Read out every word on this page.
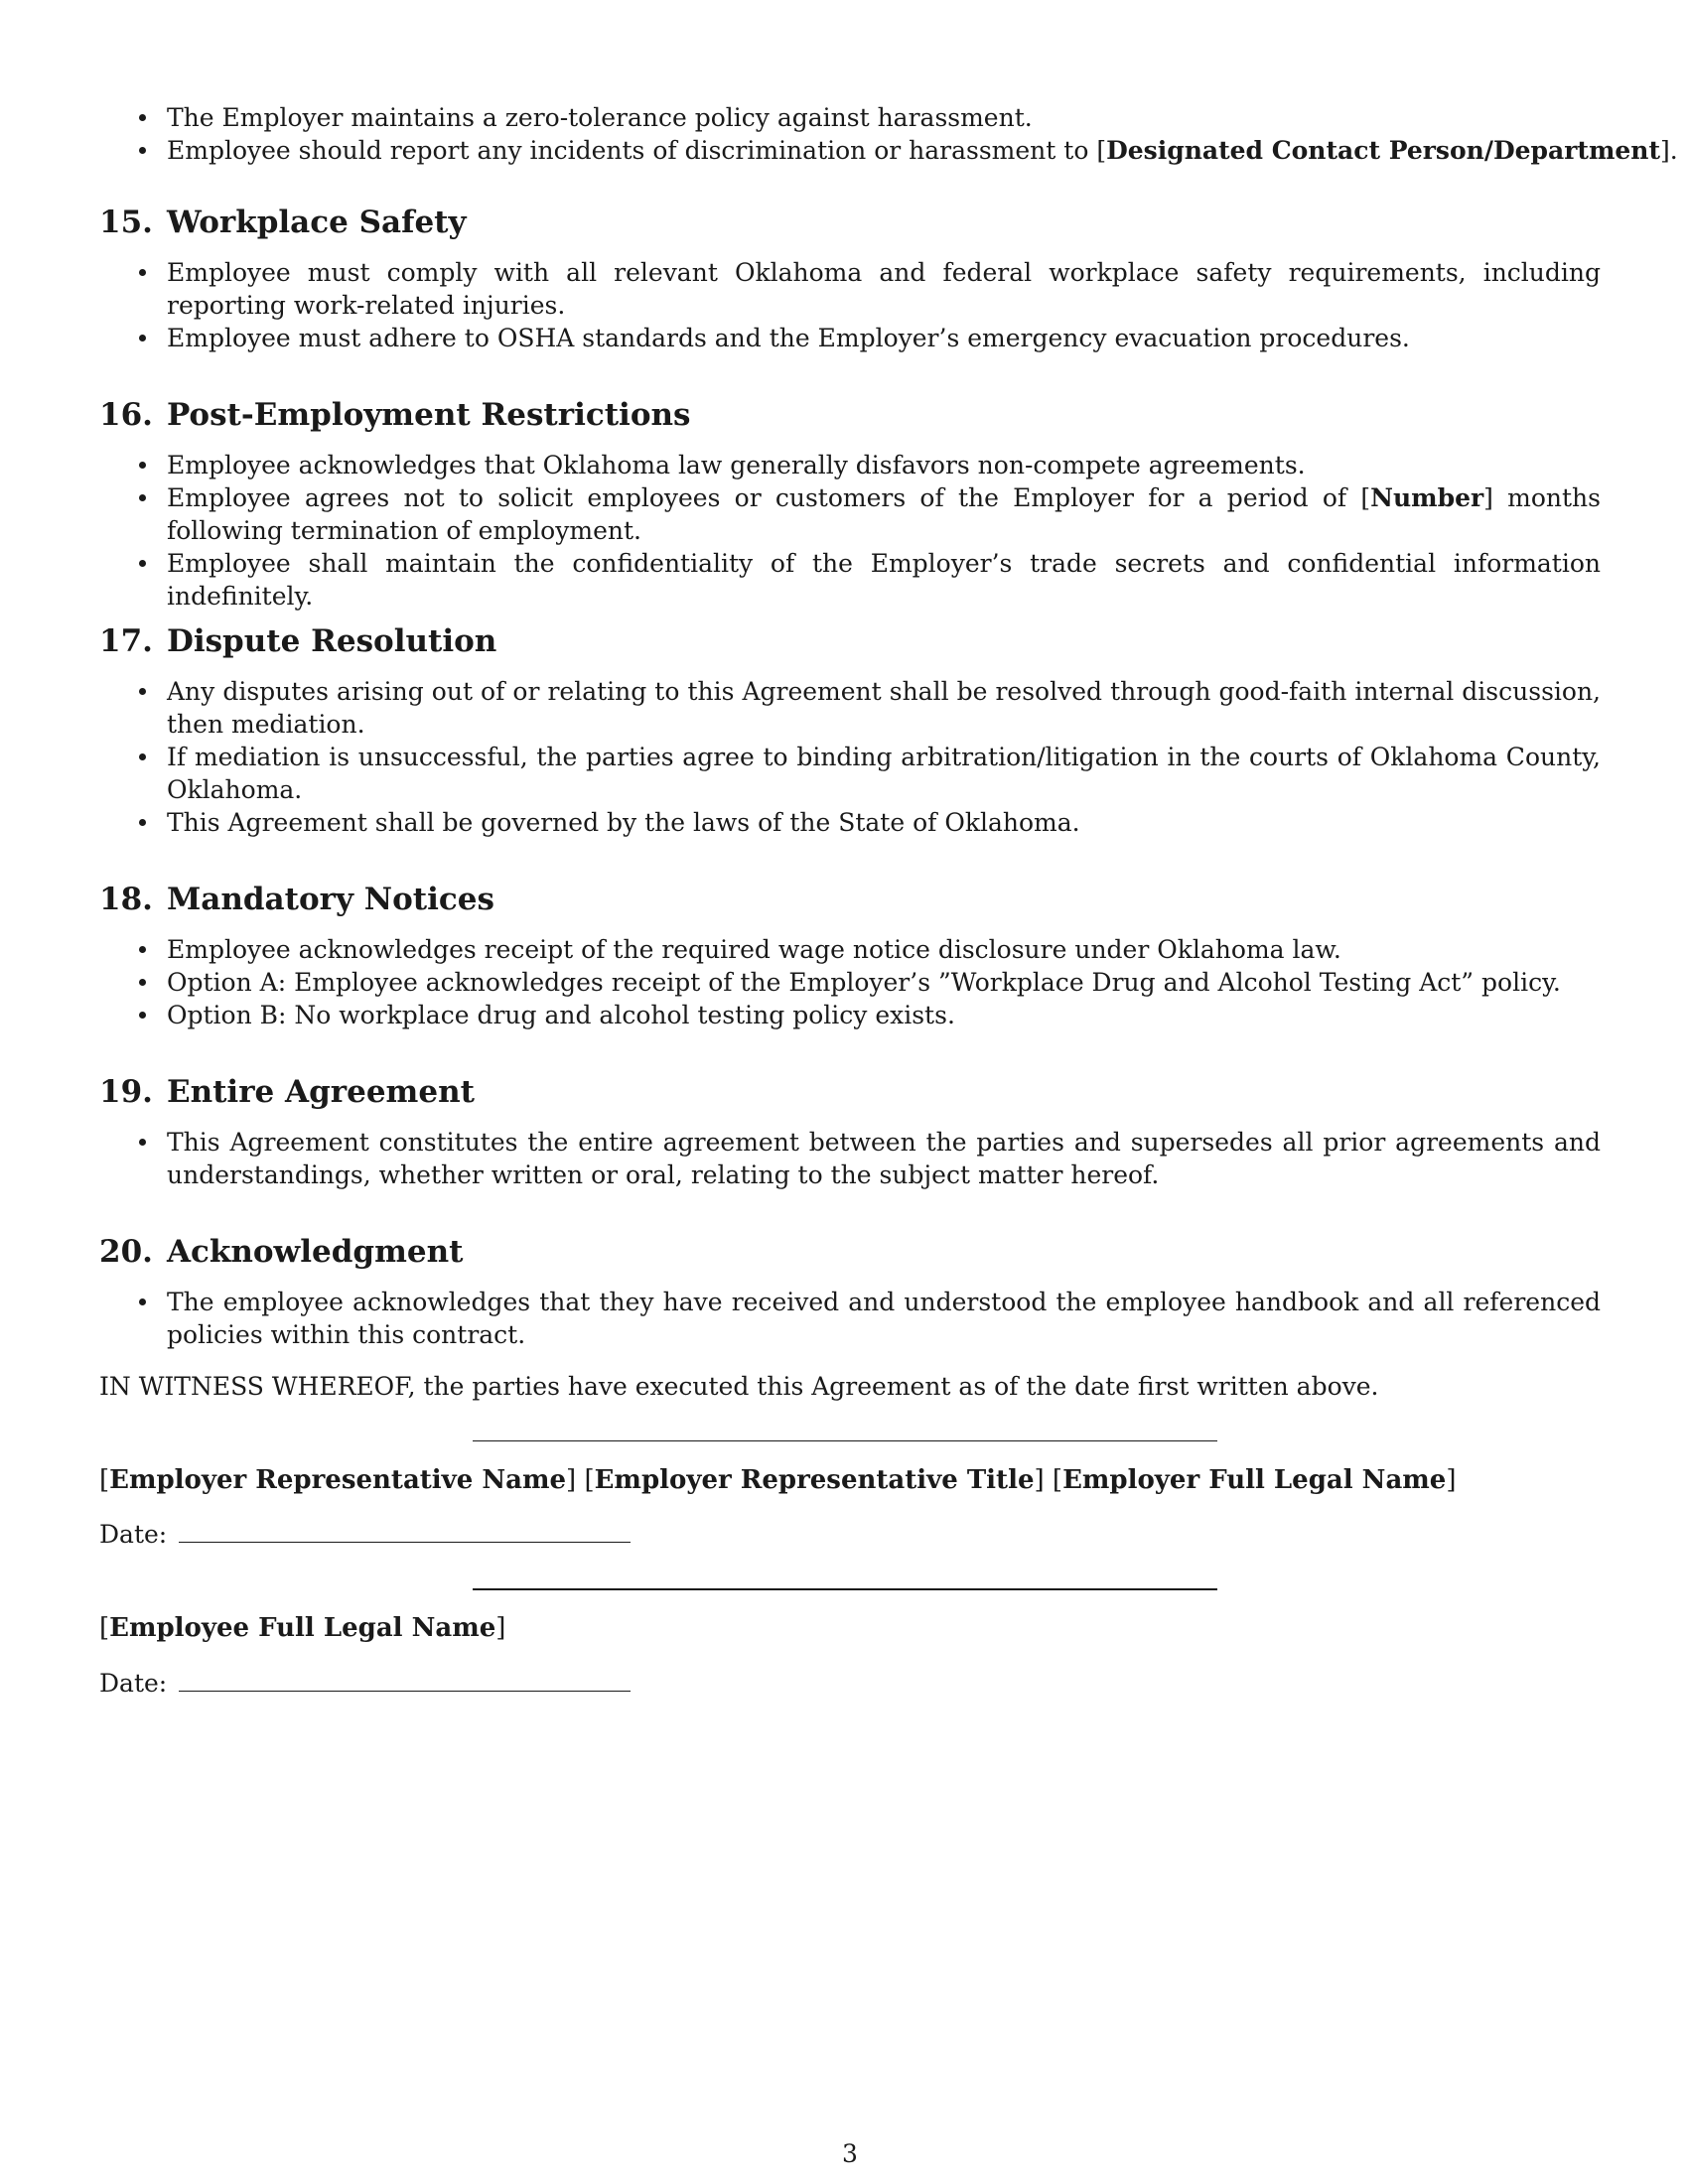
The Employer maintains a zero-tolerance policy against harassment.
Employee should report any incidents of discrimination or harassment to [Designated Contact Person/Department].
15. Workplace Safety
Employee must comply with all relevant Oklahoma and federal workplace safety requirements, including reporting work-related injuries.
Employee must adhere to OSHA standards and the Employer’s emergency evacuation procedures.
16. Post-Employment Restrictions
Employee acknowledges that Oklahoma law generally disfavors non-compete agreements.
Employee agrees not to solicit employees or customers of the Employer for a period of [Number] months following termination of employment.
Employee shall maintain the confidentiality of the Employer’s trade secrets and confidential information indefinitely.
17. Dispute Resolution
Any disputes arising out of or relating to this Agreement shall be resolved through good-faith internal discussion, then mediation.
If mediation is unsuccessful, the parties agree to binding arbitration/litigation in the courts of Oklahoma County, Oklahoma.
This Agreement shall be governed by the laws of the State of Oklahoma.
18. Mandatory Notices
Employee acknowledges receipt of the required wage notice disclosure under Oklahoma law.
Option A: Employee acknowledges receipt of the Employer’s ”Workplace Drug and Alcohol Testing Act” policy.
Option B: No workplace drug and alcohol testing policy exists.
19. Entire Agreement
This Agreement constitutes the entire agreement between the parties and supersedes all prior agreements and understandings, whether written or oral, relating to the subject matter hereof.
20. Acknowledgment
The employee acknowledges that they have received and understood the employee handbook and all referenced policies within this contract.
IN WITNESS WHEREOF, the parties have executed this Agreement as of the date first written above.
[Employer Representative Name] [Employer Representative Title] [Employer Full Legal Name]
Date:
[Employee Full Legal Name]
Date:
3
